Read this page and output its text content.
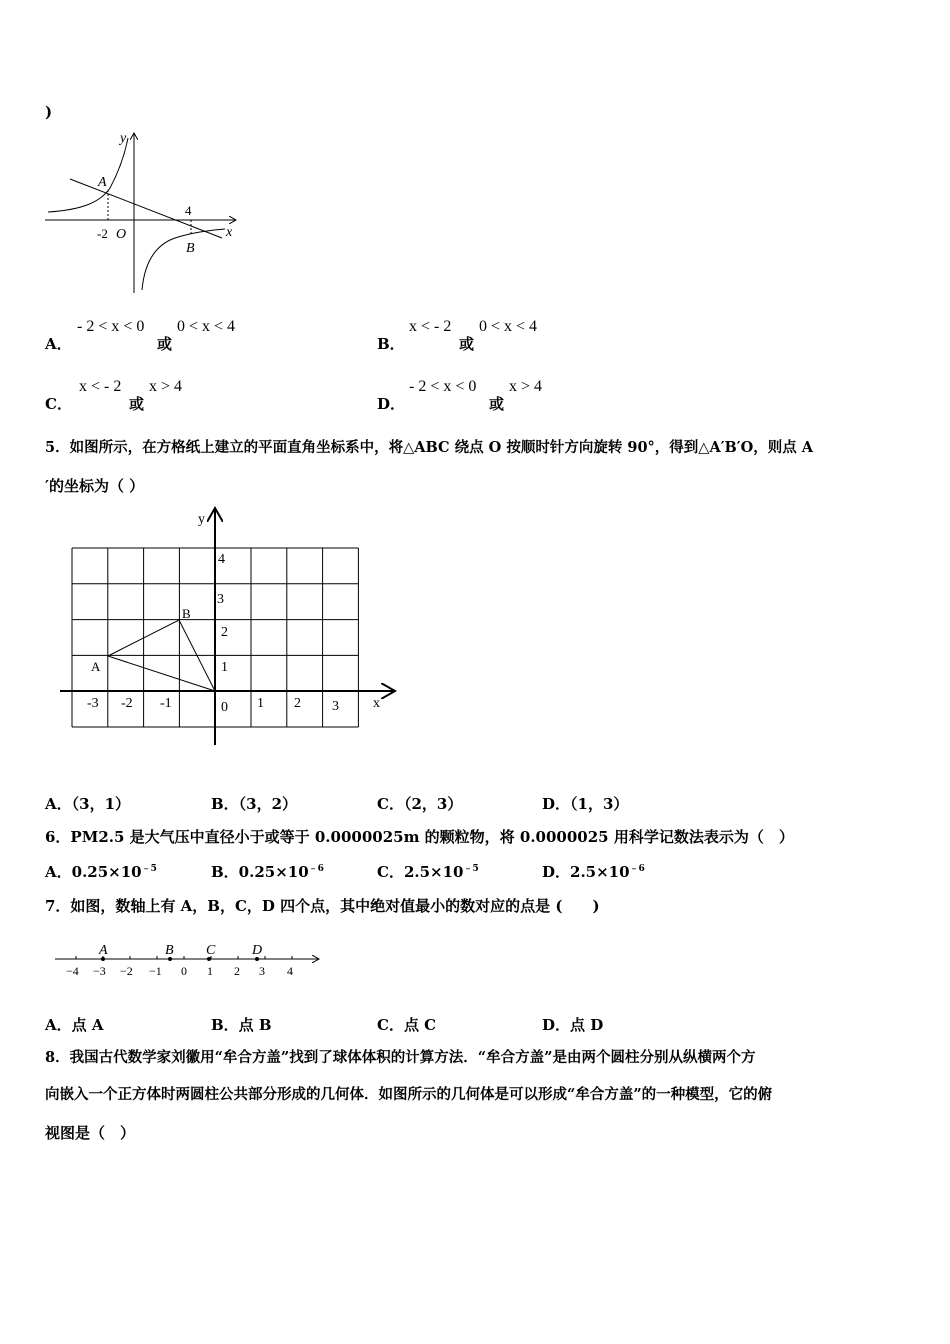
)
y
x
O
A
B
-2
4
A．
- 2 < x < 0
或
0 < x < 4
B．
x < - 2
或
0 < x < 4
C．
x < - 2
或
x > 4
D．
- 2 < x < 0
或
x > 4
5．如图所示，在方格纸上建立的平面直角坐标系中，将△ABC 绕点 O 按顺时针方向旋转 90°，得到△A′B′O，则点 A
′的坐标为（ ）
y
x
A
B
-3 -2 -1	0 1 2 3
1
2
3
4
A．（3，1）	B．（3，2）	C．（2，3）	D．（1，3）
6．PM2.5 是大气压中直径小于或等于 0.0000025m 的颗粒物，将 0.0000025 用科学记数法表示为（　）
A．$0.25\times 10^{﹣5}$	B．$0.25\times 10^{﹣6}$	C．$2.5\times 10^{﹣5}$	D．$2.5\times 10^{﹣6}$
7．如图，数轴上有 A，B，C，D 四个点，其中绝对值最小的数对应的点是 (　　)
−4 −3 −2 −1 0 1 2 3 4
A	B C	D
A．点 A	B．点 B	C．点 C	D．点 D
8．我国古代数学家刘徽用“牟合方盖”找到了球体体积的计算方法．“牟合方盖”是由两个圆柱分别从纵横两个方
向嵌入一个正方体时两圆柱公共部分形成的几何体．如图所示的几何体是可以形成“牟合方盖”的一种模型，它的俯
视图是（　）
